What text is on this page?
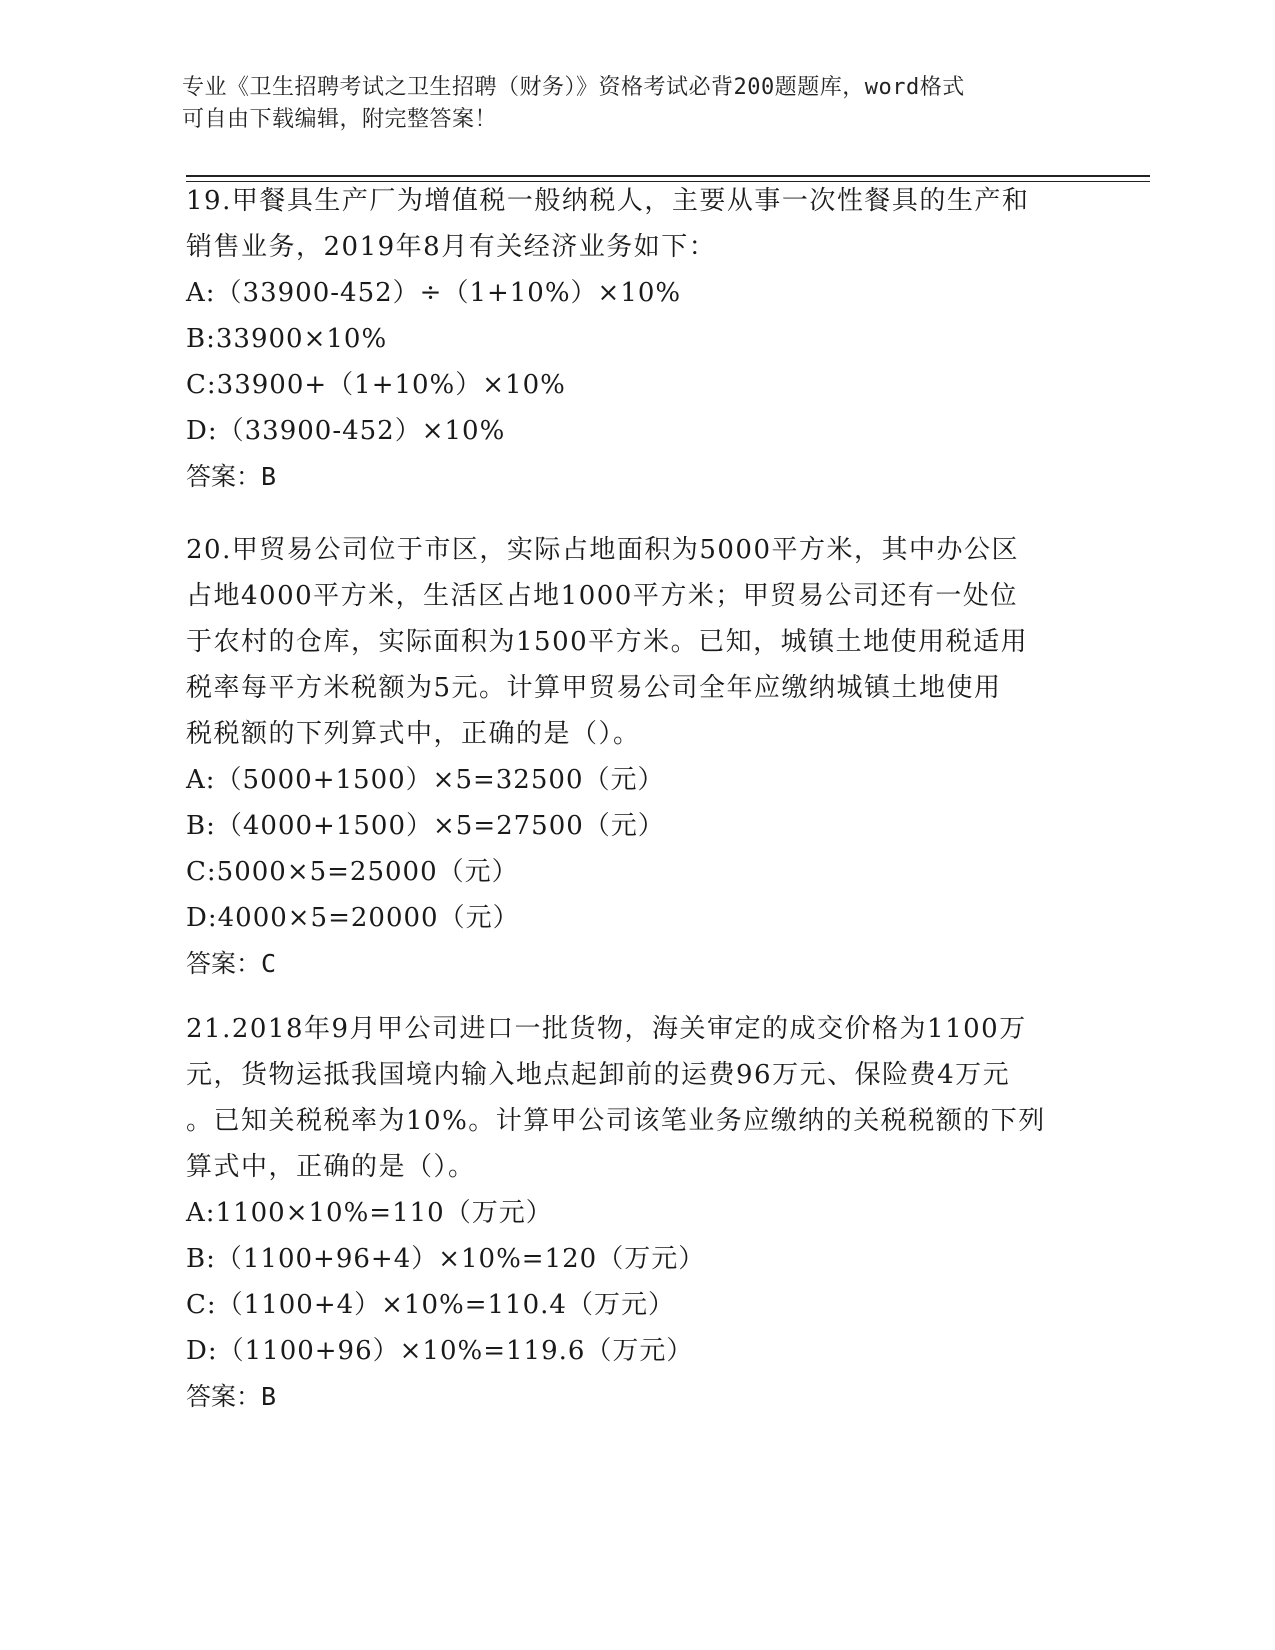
专业《卫生招聘考试之卫生招聘（财务）》资格考试必背200题题库，word格式
可自由下载编辑，附完整答案！
19.甲餐具生产厂为增值税一般纳税人，主要从事一次性餐具的生产和
销售业务，2019年8月有关经济业务如下：
A:（33900-452）÷（1+10%）×10%
B:33900×10%
C:33900+（1+10%）×10%
D:（33900-452）×10%
答案：B
20.甲贸易公司位于市区，实际占地面积为5000平方米，其中办公区
占地4000平方米，生活区占地1000平方米；甲贸易公司还有一处位
于农村的仓库，实际面积为1500平方米。已知，城镇土地使用税适用
税率每平方米税额为5元。计算甲贸易公司全年应缴纳城镇土地使用
税税额的下列算式中，正确的是（）。
A:（5000+1500）×5=32500（元）
B:（4000+1500）×5=27500（元）
C:5000×5=25000（元）
D:4000×5=20000（元）
答案：C
21.2018年9月甲公司进口一批货物，海关审定的成交价格为1100万
元，货物运抵我国境内输入地点起卸前的运费96万元、保险费4万元
。已知关税税率为10%。计算甲公司该笔业务应缴纳的关税税额的下列
算式中，正确的是（）。
A:1100×10%=110（万元）
B:（1100+96+4）×10%=120（万元）
C:（1100+4）×10%=110.4（万元）
D:（1100+96）×10%=119.6（万元）
答案：B
